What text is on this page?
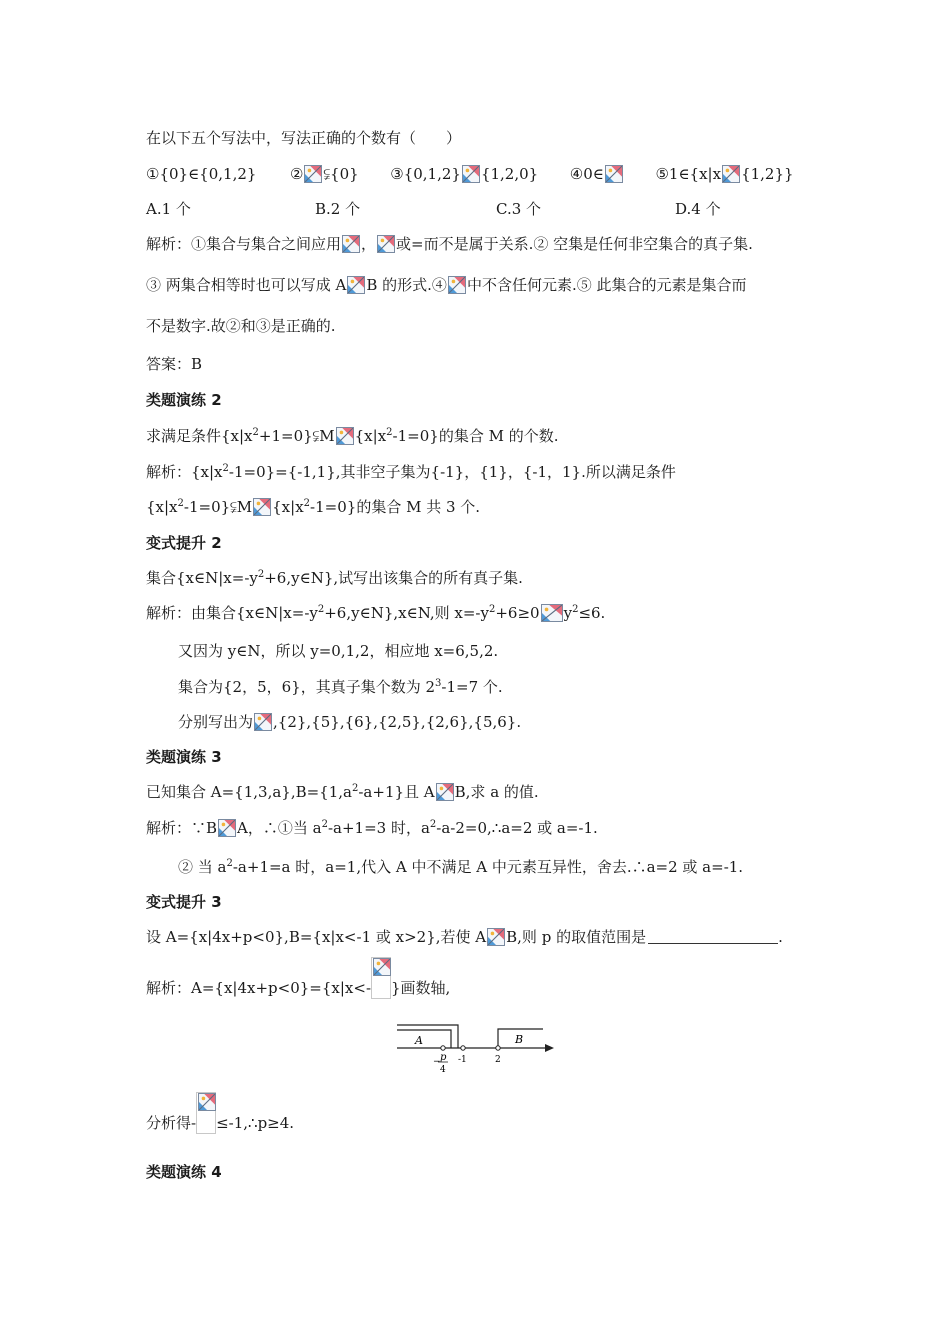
在以下五个写法中，写法正确的个数有（　　）
①{0}∈{0,1,2} ② ⫋{0} ③{0,1,2} {1,2,0} ④0∈	⑤1∈{x|x {1,2}}
A.1 个	B.2 个	C.3 个	D.4 个
解析：①集合与集合之间应用 ， 或=而不是属于关系.② 空集是任何非空集合的真子集.
③ 两集合相等时也可以写成 A B 的形式.④ 中不含任何元素.⑤ 此集合的元素是集合而
不是数字.故②和③是正确的.
答案：B
类题演练 2
求满足条件$\{x|x^2+1=0\}⫋M$ $\{x|x^2-1=0\}$的集合 M 的个数.
解析：$\{x|x^2-1=0\}=\{-1,1\}$,其非空子集为{-1}，{1}，{-1，1}.所以满足条件
$\{x|x^2-1=0\}⫋M$ $\{x|x^2-1=0\}$的集合 M 共 3 个.
变式提升 2
集合$\{x\in N|x=-y^2+6,y\in N\}$,试写出该集合的所有真子集.
解析：由集合$\{x\in N|x=-y^2+6,y\in N\},x\in N$,则 $x=-y^2+6\ge 0$ $y^2\le 6$.
又因为 y∈N，所以 y=0,1,2，相应地 x=6,5,2.
集合为{2，5，6}，其真子集个数为 $2^3-1=7$ 个.
分别写出为 ,{2},{5},{6},{2,5},{2,6},{5,6}.
类题演练 3
已知集合 $A=\{1,3,a\},B=\{1,a^2-a+1\}$且 A B,求 a 的值.
解析：∵B A，∴①当 $a^2-a+1=3$ 时，$a^2-a-2=0,\therefore a=2$ 或 a=-1.
② 当 $a^2-a+1=a$ 时，a=1,代入 A 中不满足 A 中元素互异性，舍去.∴a=2 或 a=-1.
变式提升 3
设 A={x|4x+p<0},B={x|x<-1 或 x>2},若使 A B,则 p 的取值范围是	.
解析：A={x|4x+p<0}={x|x<- }画数轴,
A	B
− p
4
-1	2
分析得- ≤-1,∴p≥4.
类题演练 4
